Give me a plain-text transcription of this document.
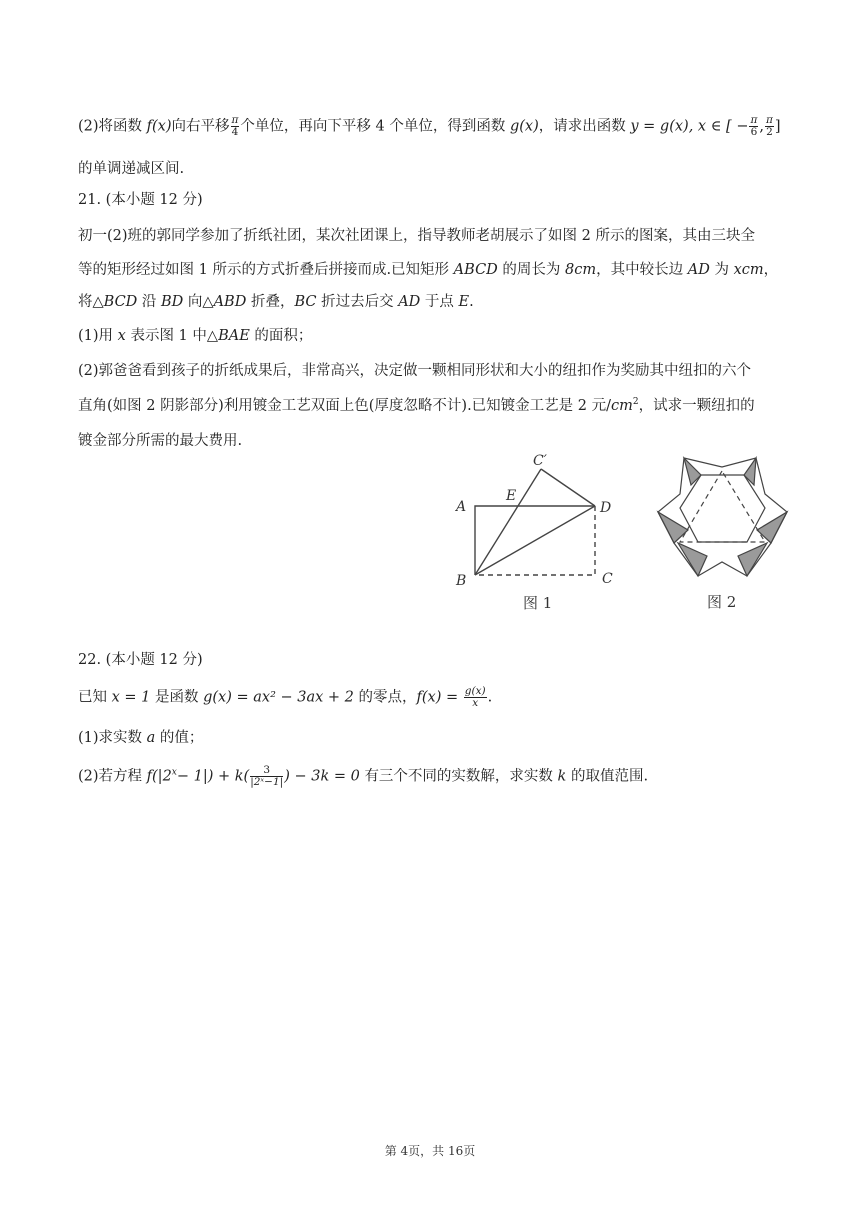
(2)将函数 f(x)向右平移 $\frac{\pi}{4}$ 个单位，再向下平移 4 个单位，得到函数 g(x)，请求出函数 y = g(x), x ∈ [ − $\frac{\pi}{6}$ , $\frac{\pi}{2}$ ]
的单调递减区间.
21. (本小题 12 分)
初一(2)班的郭同学参加了折纸社团，某次社团课上，指导教师老胡展示了如图 2 所示的图案，其由三块全
等的矩形经过如图 1 所示的方式折叠后拼接而成.已知矩形 ABCD 的周长为 8cm，其中较长边 AD 为 xcm，
将△BCD 沿 BD 向△ABD 折叠，BC 折过去后交 AD 于点 E.
(1)用 x 表示图 1 中△BAE 的面积；
(2)郭爸爸看到孩子的折纸成果后，非常高兴，决定做一颗相同形状和大小的纽扣作为奖励其中纽扣的六个
直角(如图 2 阴影部分)利用镀金工艺双面上色(厚度忽略不计).已知镀金工艺是 2 元$/cm^2$，试求一颗纽扣的
镀金部分所需的最大费用.
A
B	C
D
E
C′
图 1	图 2
22. (本小题 12 分)
已知 x = 1 是函数 g(x) = ax² − 3ax + 2 的零点，$f(x) = \frac{g(x)}{x}$ .
(1)求实数 a 的值；
(2)若方程 $f(|2^x- 1|) + k( \frac{3}{\text{|2ˣ−1|}}$ ) − 3k = 0 有三个不同的实数解，求实数 k 的取值范围.
第 4页，共 16页
